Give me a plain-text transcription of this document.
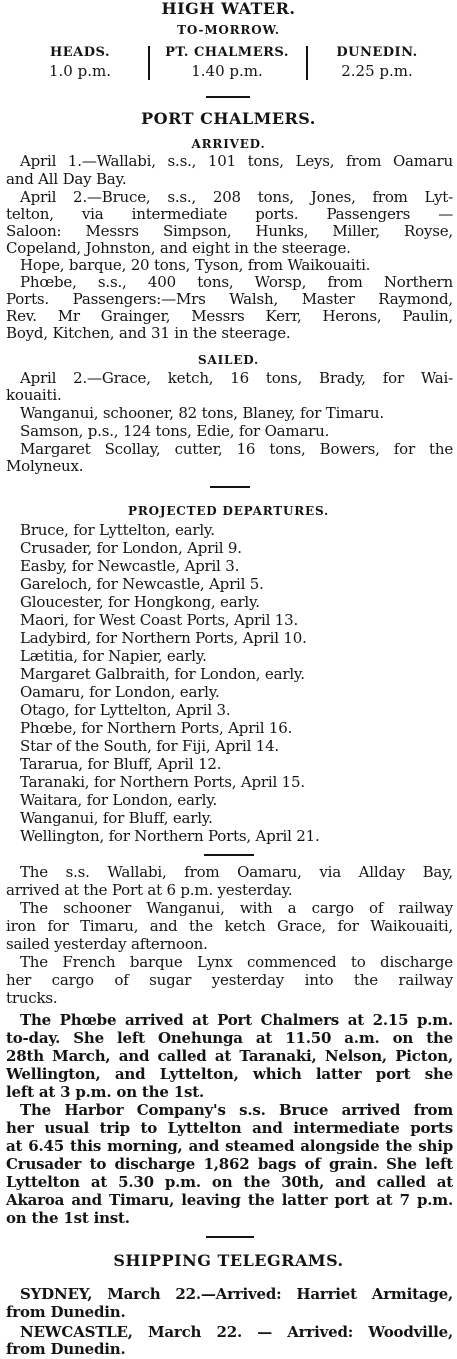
HIGH WATER.
TO-MORROW.
HEADS.
1.0 p.m.
PT. CHALMERS.
1.40 p.m.
DUNEDIN.
2.25 p.m.
PORT CHALMERS.
ARRIVED.
April 1.—Wallabi, s.s., 101 tons, Leys, from Oamaru
and All Day Bay.
April 2.—Bruce, s.s., 208 tons, Jones, from Lyt-
telton, via intermediate ports. Passengers —
Saloon: Messrs Simpson, Hunks, Miller, Royse,
Copeland, Johnston, and eight in the steerage.
Hope, barque, 20 tons, Tyson, from Waikouaiti.
Phœbe, s.s., 400 tons, Worsp, from Northern
Ports. Passengers:—Mrs Walsh, Master Raymond,
Rev. Mr Grainger, Messrs Kerr, Herons, Paulin,
Boyd, Kitchen, and 31 in the steerage.
SAILED.
April 2.—Grace, ketch, 16 tons, Brady, for Wai-
kouaiti.
Wanganui, schooner, 82 tons, Blaney, for Timaru.
Samson, p.s., 124 tons, Edie, for Oamaru.
Margaret Scollay, cutter, 16 tons, Bowers, for the
Molyneux.
PROJECTED DEPARTURES.
Bruce, for Lyttelton, early.
Crusader, for London, April 9.
Easby, for Newcastle, April 3.
Gareloch, for Newcastle, April 5.
Gloucester, for Hongkong, early.
Maori, for West Coast Ports, April 13.
Ladybird, for Northern Ports, April 10.
Lætitia, for Napier, early.
Margaret Galbraith, for London, early.
Oamaru, for London, early.
Otago, for Lyttelton, April 3.
Phœbe, for Northern Ports, April 16.
Star of the South, for Fiji, April 14.
Tararua, for Bluff, April 12.
Taranaki, for Northern Ports, April 15.
Waitara, for London, early.
Wanganui, for Bluff, early.
Wellington, for Northern Ports, April 21.
The s.s. Wallabi, from Oamaru, via Allday Bay,
arrived at the Port at 6 p.m. yesterday.
The schooner Wanganui, with a cargo of railway
iron for Timaru, and the ketch Grace, for Waikouaiti,
sailed yesterday afternoon.
The French barque Lynx commenced to discharge
her cargo of sugar yesterday into the railway
trucks.
The Phœbe arrived at Port Chalmers at 2.15 p.m.
to-day. She left Onehunga at 11.50 a.m. on the
28th March, and called at Taranaki, Nelson, Picton,
Wellington, and Lyttelton, which latter port she
left at 3 p.m. on the 1st.
The Harbor Company's s.s. Bruce arrived from
her usual trip to Lyttelton and intermediate ports
at 6.45 this morning, and steamed alongside the ship
Crusader to discharge 1,862 bags of grain. She left
Lyttelton at 5.30 p.m. on the 30th, and called at
Akaroa and Timaru, leaving the latter port at 7 p.m.
on the 1st inst.
SHIPPING TELEGRAMS.
SYDNEY, March 22.—Arrived: Harriet Armitage,
from Dunedin.
NEWCASTLE, March 22. — Arrived: Woodville,
from Dunedin.
